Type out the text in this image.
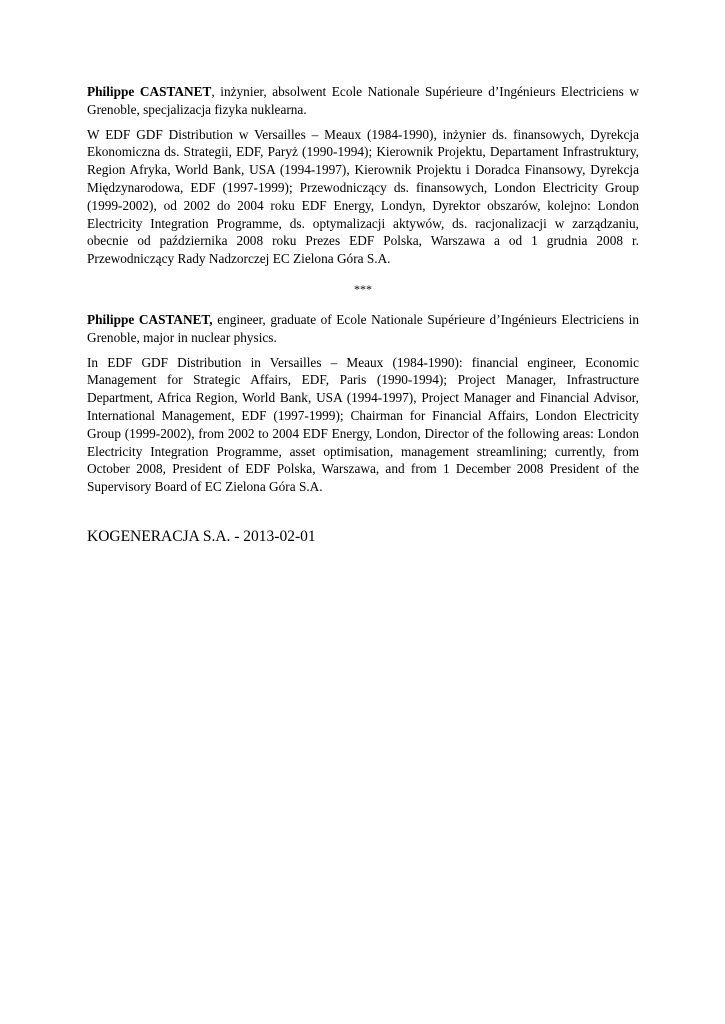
Philippe CASTANET, inżynier, absolwent Ecole Nationale Supérieure d’Ingénieurs Electriciens w Grenoble, specjalizacja fizyka nuklearna.

W EDF GDF Distribution w Versailles – Meaux (1984-1990), inżynier ds. finansowych, Dyrekcja Ekonomiczna ds. Strategii, EDF, Paryż (1990-1994); Kierownik Projektu, Departament Infrastruktury, Region Afryka, World Bank, USA (1994-1997), Kierownik Projektu i Doradca Finansowy, Dyrekcja Międzynarodowa, EDF (1997-1999); Przewodniczący ds. finansowych, London Electricity Group (1999-2002), od 2002 do 2004 roku EDF Energy, Londyn, Dyrektor obszarów, kolejno: London Electricity Integration Programme, ds. optymalizacji aktywów, ds. racjonalizacji w zarządzaniu, obecnie od października 2008 roku Prezes EDF Polska, Warszawa a od 1 grudnia 2008 r. Przewodniczący Rady Nadzorczej EC Zielona Góra S.A.

***

Philippe CASTANET, engineer, graduate of Ecole Nationale Supérieure d’Ingénieurs Electriciens in Grenoble, major in nuclear physics.

In EDF GDF Distribution in Versailles – Meaux (1984-1990): financial engineer, Economic Management for Strategic Affairs, EDF, Paris (1990-1994); Project Manager, Infrastructure Department, Africa Region, World Bank, USA (1994-1997), Project Manager and Financial Advisor, International Management, EDF (1997-1999); Chairman for Financial Affairs, London Electricity Group (1999-2002), from 2002 to 2004 EDF Energy, London, Director of the following areas: London Electricity Integration Programme, asset optimisation, management streamlining; currently, from October 2008, President of EDF Polska, Warszawa, and from 1 December 2008 President of the Supervisory Board of EC Zielona Góra S.A.

KOGENERACJA S.A. - 2013-02-01
